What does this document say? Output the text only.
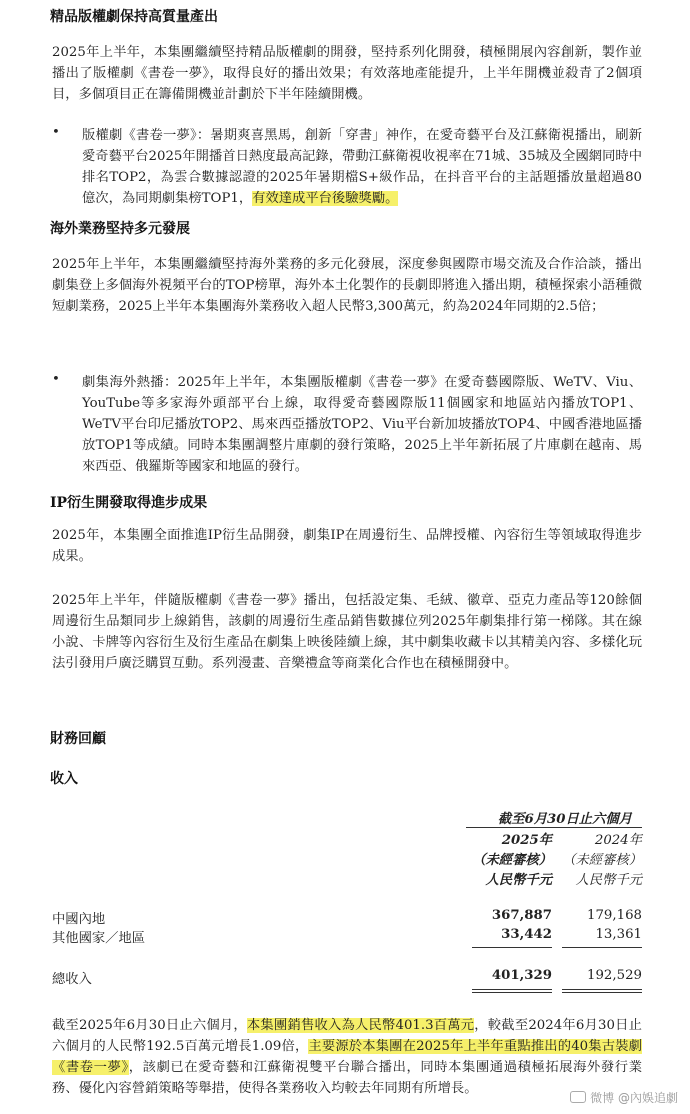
精品版權劇保持高質量產出

2025年上半年，本集團繼續堅持精品版權劇的開發，堅持系列化開發，積極開展內容創新，製作並播出了版權劇《書卷一夢》，取得良好的播出效果；有效落地產能提升，上半年開機並殺青了2個項目，多個項目正在籌備開機並計劃於下半年陸續開機。

• 版權劇《書卷一夢》：暑期爽喜黑馬，創新「穿書」神作，在愛奇藝平台及江蘇衛視播出，刷新愛奇藝平台2025年開播首日熱度最高記錄，帶動江蘇衛視收視率在71城、35城及全國網同時中排名TOP2，為雲合數據認證的2025年暑期檔S+級作品，在抖音平台的主話題播放量超過80億次，為同期劇集榜TOP1，有效達成平台後驗獎勵。
海外業務堅持多元發展

2025年上半年，本集團繼續堅持海外業務的多元化發展，深度參與國際市場交流及合作洽談，播出劇集登上多個海外視頻平台的TOP榜單，海外本土化製作的長劇即將進入播出期，積極探索小語種微短劇業務，2025上半年本集團海外業務收入超人民幣3,300萬元，約為2024年同期的2.5倍；

• 劇集海外熱播：2025年上半年，本集團版權劇《書卷一夢》在愛奇藝國際版、WeTV、Viu、YouTube等多家海外頭部平台上線，取得愛奇藝國際版11個國家和地區站內播放TOP1、WeTV平台印尼播放TOP2、馬來西亞播放TOP2、Viu平台新加坡播放TOP4、中國香港地區播放TOP1等成績。同時本集團調整片庫劇的發行策略，2025上半年新拓展了片庫劇在越南、馬來西亞、俄羅斯等國家和地區的發行。
IP衍生開發取得進步成果

2025年，本集團全面推進IP衍生品開發，劇集IP在周邊衍生、品牌授權、內容衍生等領域取得進步成果。

2025年上半年，伴隨版權劇《書卷一夢》播出，包括設定集、毛絨、徽章、亞克力產品等120餘個周邊衍生品類同步上線銷售，該劇的周邊衍生產品銷售數據位列2025年劇集排行第一梯隊。其在線小說、卡牌等內容衍生及衍生產品在劇集上映後陸續上線，其中劇集收藏卡以其精美內容、多樣化玩法引發用戶廣泛購買互動。系列漫畫、音樂禮盒等商業化合作也在積極開發中。

財務回顧
收入
截至6月30日止六個月
2025年	2024年
（未經審核） （未經審核）
人民幣千元 人民幣千元
中國內地	367,887	179,168
其他國家／地區	33,442	13,361
總收入	401,329	192,529

截至2025年6月30日止六個月，本集團銷售收入為人民幣401.3百萬元，較截至2024年6月30日止六個月的人民幣192.5百萬元增長1.09倍，主要源於本集團在2025年上半年重點推出的40集古裝劇《書卷一夢》，該劇已在愛奇藝和江蘇衛視雙平台聯合播出，同時本集團通過積極拓展海外發行業務、優化內容營銷策略等舉措，使得各業務收入均較去年同期有所增長。

微博 @內娛追劇
